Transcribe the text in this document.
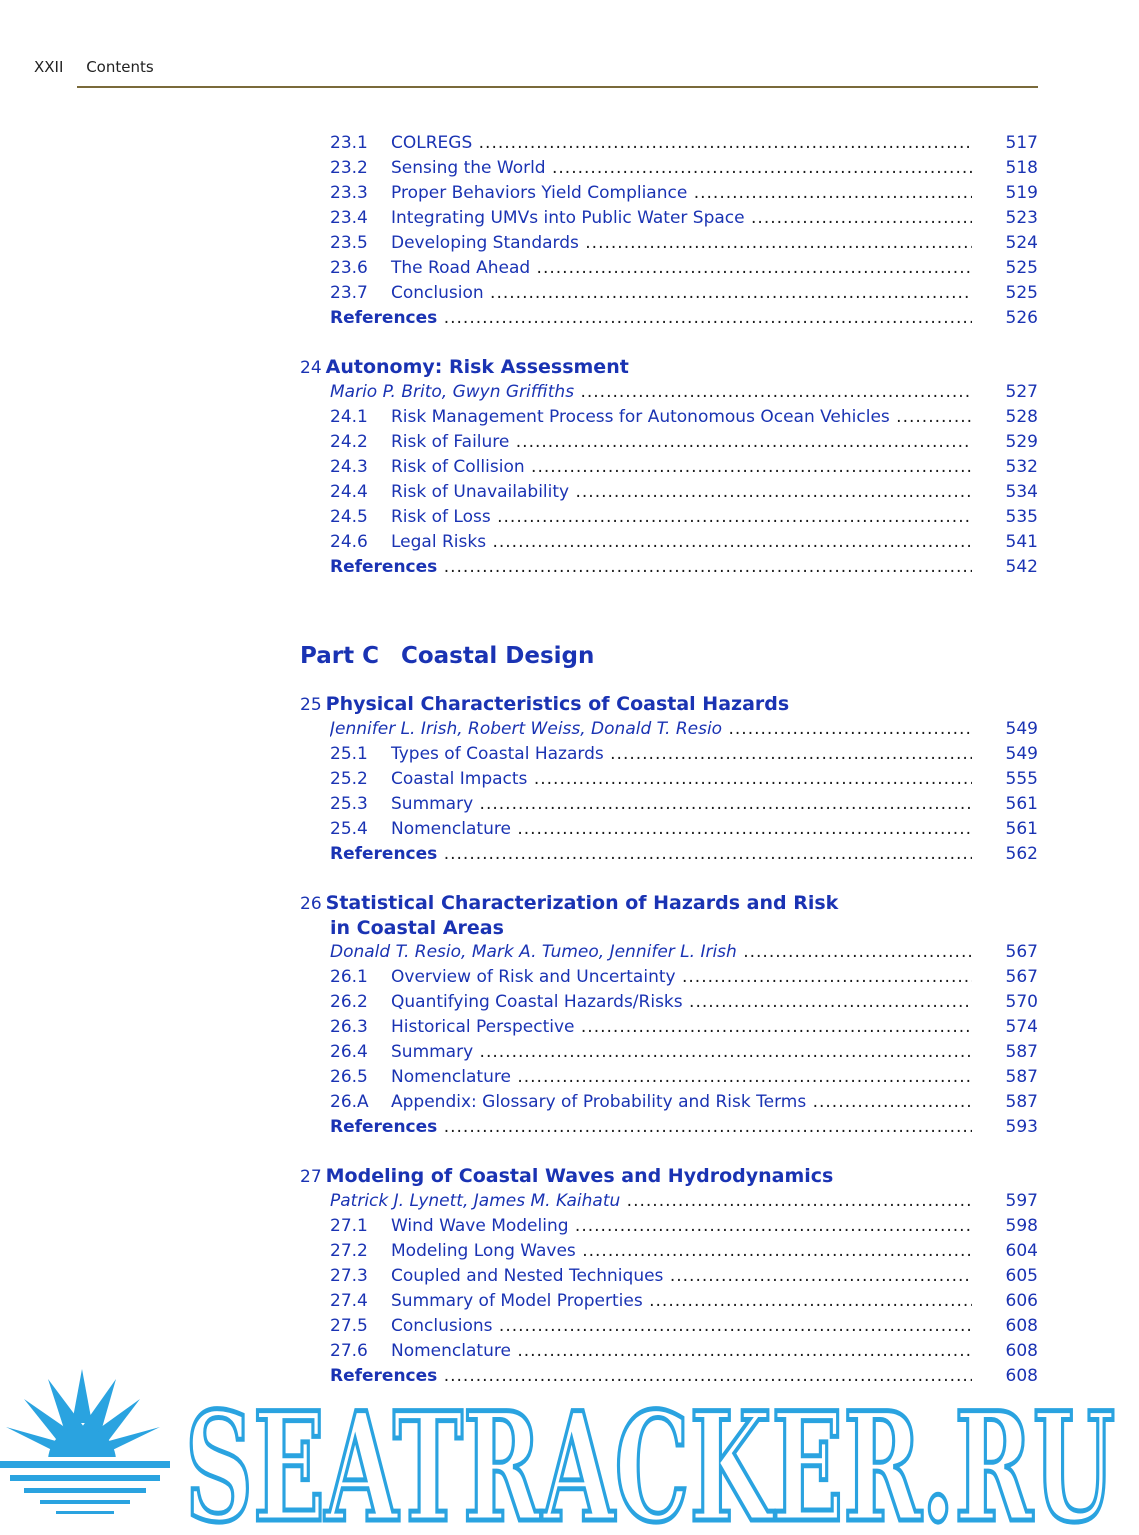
XXII Contents
23.1 COLREGS .....	517
23.2 Sensing the World .....	518
23.3 Proper Behaviors Yield Compliance .....	519
23.4 Integrating UMVs into Public Water Space .....	523
23.5 Developing Standards .....	524
23.6 The Road Ahead .....	525
23.7 Conclusion .....	525
References .....	526
24 Autonomy: Risk Assessment
Mario P. Brito, Gwyn Griffiths .....	527
24.1 Risk Management Process for Autonomous Ocean Vehicles .....	528
24.2 Risk of Failure .....	529
24.3 Risk of Collision .....	532
24.4 Risk of Unavailability .....	534
24.5 Risk of Loss .....	535
24.6 Legal Risks .....	541
References .....	542
Part C Coastal Design
25 Physical Characteristics of Coastal Hazards
Jennifer L. Irish, Robert Weiss, Donald T. Resio .....	549
25.1 Types of Coastal Hazards .....	549
25.2 Coastal Impacts .....	555
25.3 Summary .....	561
25.4 Nomenclature .....	561
References .....	562
26 Statistical Characterization of Hazards and Risk
in Coastal Areas
Donald T. Resio, Mark A. Tumeo, Jennifer L. Irish .....	567
26.1 Overview of Risk and Uncertainty .....	567
26.2 Quantifying Coastal Hazards/Risks .....	570
26.3 Historical Perspective .....	574
26.4 Summary .....	587
26.5 Nomenclature .....	587
26.A Appendix: Glossary of Probability and Risk Terms .....	587
References .....	593
27 Modeling of Coastal Waves and Hydrodynamics
Patrick J. Lynett, James M. Kaihatu .....	597
27.1 Wind Wave Modeling .....	598
27.2 Modeling Long Waves .....	604
27.3 Coupled and Nested Techniques .....	605
27.4 Summary of Model Properties .....	606
27.5 Conclusions .....	608
27.6 Nomenclature .....	608
References .....	608
SEATRACKER.RU
